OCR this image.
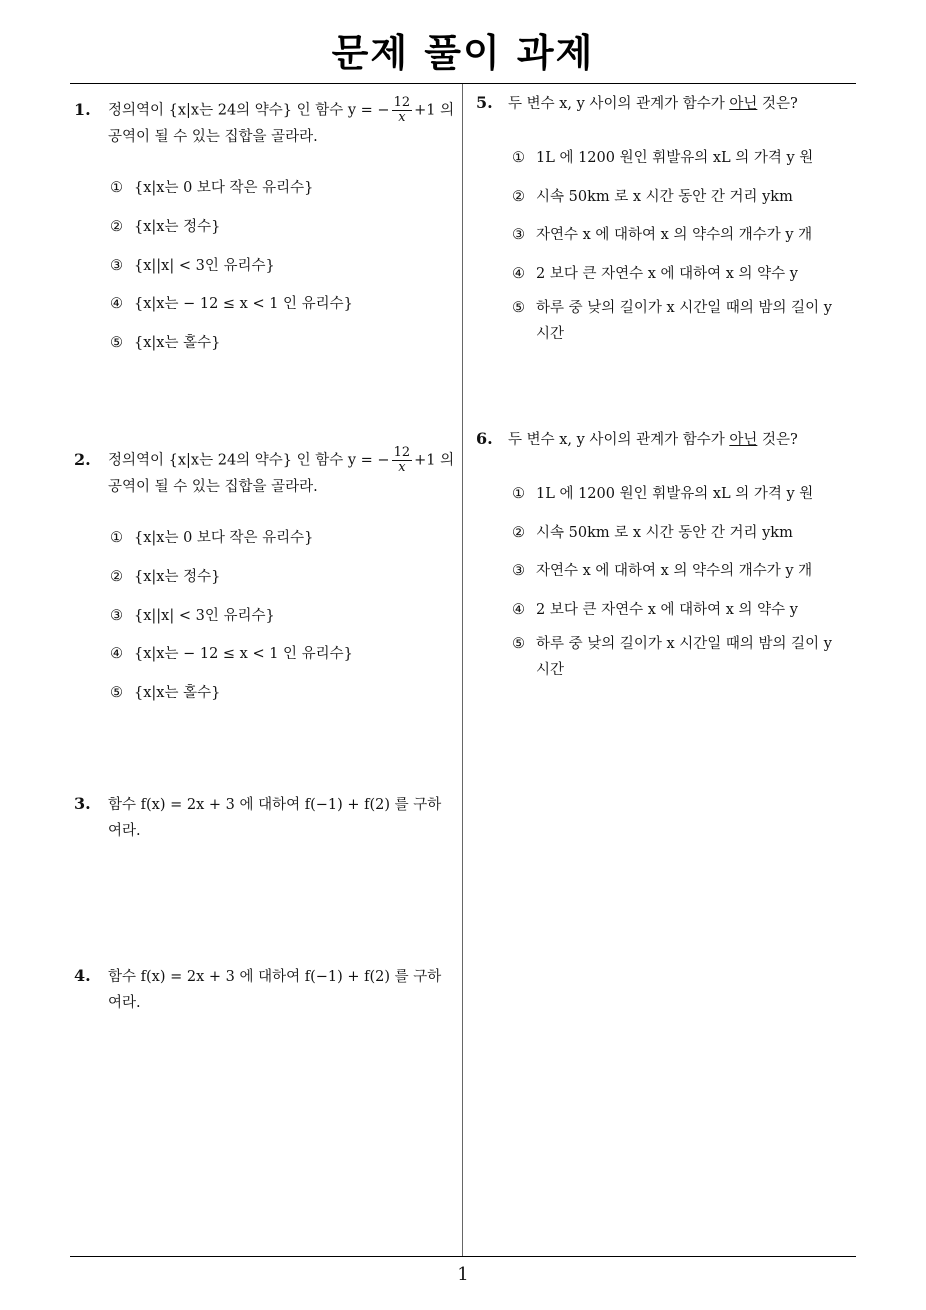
문제 풀이 과제
1
1. 정의역이 {x|x는 24의 약수} 인 함수 y = − $\frac{12}{x} +1$ 의
공역이 될 수 있는 집합을 골라라.
① {x|x는 0 보다 작은 유리수}
② {x|x는 정수}
③ {x||x| < 3인 유리수}
④ {x|x는 − 12 ≤ x < 1 인 유리수}
⑤ {x|x는 홀수}
2. 정의역이 {x|x는 24의 약수} 인 함수 y = − $\frac{12}{x} +1$ 의
공역이 될 수 있는 집합을 골라라.
① {x|x는 0 보다 작은 유리수}
② {x|x는 정수}
③ {x||x| < 3인 유리수}
④ {x|x는 − 12 ≤ x < 1 인 유리수}
⑤ {x|x는 홀수}
3. 함수 f(x) = 2x + 3 에 대하여 f(−1) + f(2) 를 구하
여라.
4. 함수 f(x) = 2x + 3 에 대하여 f(−1) + f(2) 를 구하
여라.
5. 두 변수 x, y 사이의 관계가 함수가 아닌 것은?
① 1L 에 1200 원인 휘발유의 xL 의 가격 y 원
② 시속 50km 로 x 시간 동안 간 거리 ykm
③ 자연수 x 에 대하여 x 의 약수의 개수가 y 개
④ 2 보다 큰 자연수 x 에 대하여 x 의 약수 y
⑤ 하루 중 낮의 길이가 x 시간일 때의 밤의 길이 y
시간
6. 두 변수 x, y 사이의 관계가 함수가 아닌 것은?
① 1L 에 1200 원인 휘발유의 xL 의 가격 y 원
② 시속 50km 로 x 시간 동안 간 거리 ykm
③ 자연수 x 에 대하여 x 의 약수의 개수가 y 개
④ 2 보다 큰 자연수 x 에 대하여 x 의 약수 y
⑤ 하루 중 낮의 길이가 x 시간일 때의 밤의 길이 y
시간
